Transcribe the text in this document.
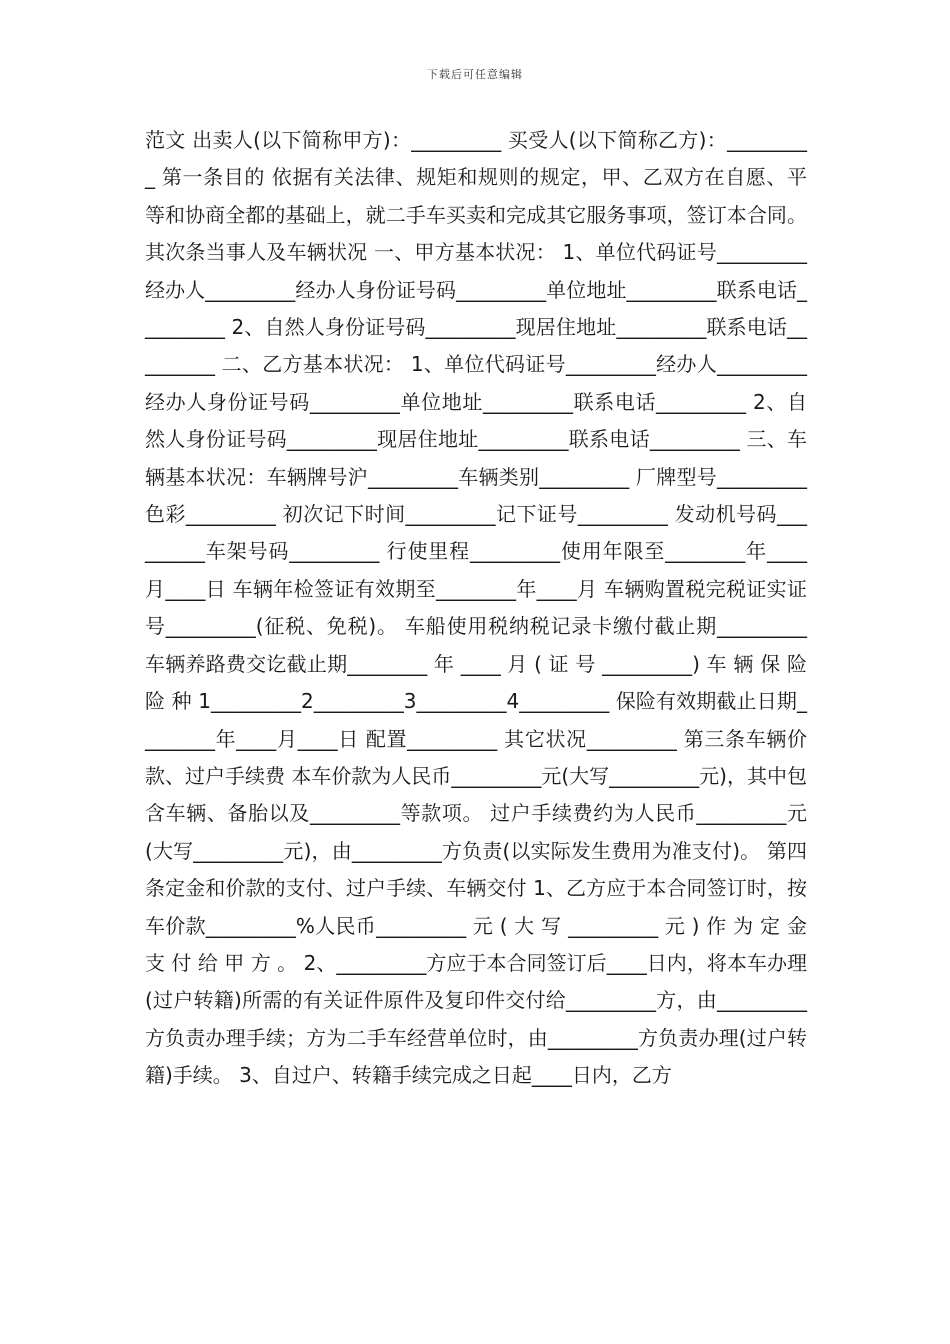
下载后可任意编辑

范文 出卖人(以下简称甲方)：_________ 买受人(以下简称乙方)：_________ 第一条目的 依据有关法律、规矩和规则的规定，甲、乙双方在自愿、平等和协商全都的基础上，就二手车买卖和完成其它服务事项，签订本合同。 其次条当事人及车辆状况 一、甲方基本状况： 1、单位代码证号_________经办人_________经办人身份证号码_________单位地址_________联系电话_________ 2、自然人身份证号码_________现居住地址_________联系电话_________ 二、乙方基本状况： 1、单位代码证号_________经办人_________经办人身份证号码_________单位地址_________联系电话_________ 2、自然人身份证号码_________现居住地址_________联系电话_________ 三、车辆基本状况：车辆牌号沪_________车辆类别_________ 厂牌型号_________色彩_________ 初次记下时间_________记下证号_________ 发动机号码_________车架号码_________ 行使里程_________使用年限至________年____月____日 车辆年检签证有效期至________年____月 车辆购置税完税证实证号_________(征税、免税)。 车船使用税纳税记录卡缴付截止期_________ 车辆养路费交讫截止期________ 年 ____ 月 ( 证 号 _________) 车 辆 保 险 险 种 1_________2_________3_________4_________ 保险有效期截止日期________年____月____日 配置_________ 其它状况_________ 第三条车辆价款、过户手续费 本车价款为人民币_________元(大写_________元)，其中包含车辆、备胎以及_________等款项。 过户手续费约为人民币_________元(大写_________元)，由_________方负责(以实际发生费用为准支付)。 第四条定金和价款的支付、过户手续、车辆交付 1、乙方应于本合同签订时，按车价款_________%人民币_________ 元 ( 大 写 _________ 元 ) 作 为 定 金 支 付 给 甲 方 。 2、_________方应于本合同签订后____日内，将本车办理(过户转籍)所需的有关证件原件及复印件交付给_________方，由_________方负责办理手续；方为二手车经营单位时，由_________方负责办理(过户转籍)手续。 3、自过户、转籍手续完成之日起____日内，乙方
